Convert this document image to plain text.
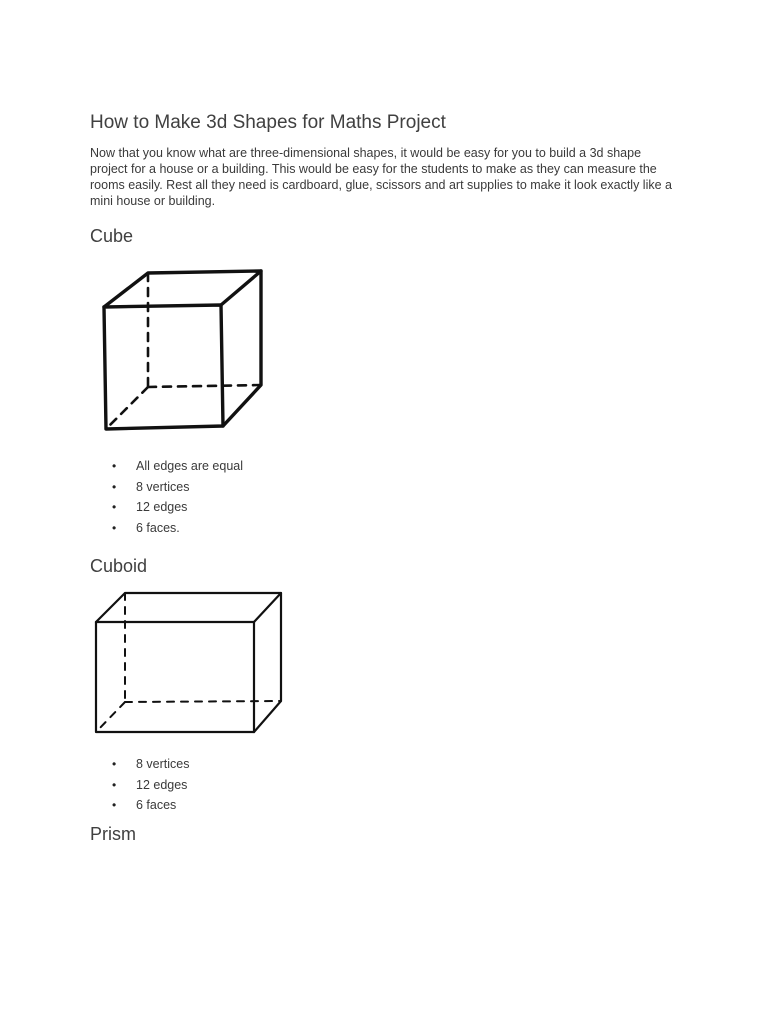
How to Make 3d Shapes for Maths Project

Now that you know what are three-dimensional shapes, it would be easy for you to build a 3d shape project for a house or a building. This would be easy for the students to make as they can measure the rooms easily. Rest all they need is cardboard, glue, scissors and art supplies to make it look exactly like a mini house or building.

Cube
• All edges are equal
• 8 vertices
• 12 edges
• 6 faces.
Cuboid
• 8 vertices
• 12 edges
• 6 faces
Prism
